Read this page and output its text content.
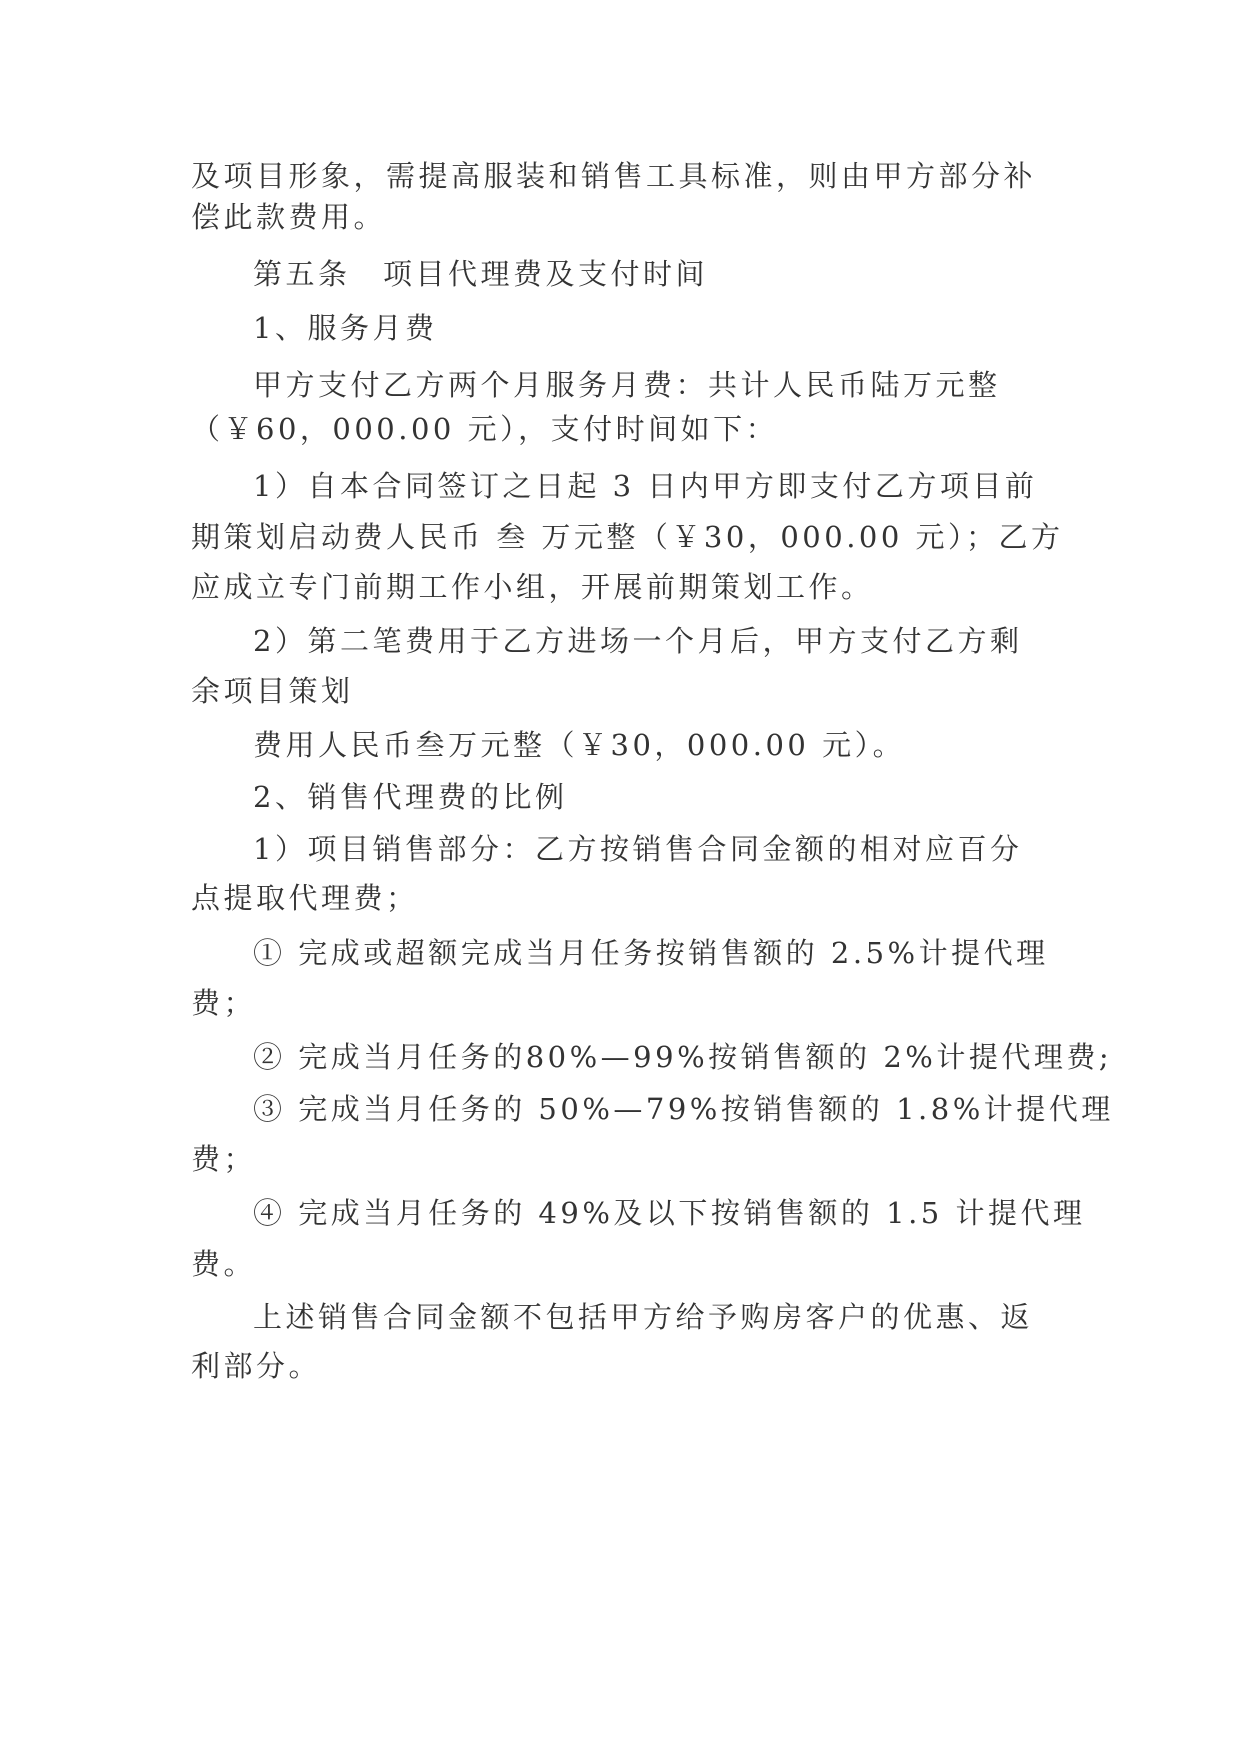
及项目形象，需提高服装和销售工具标准，则由甲方部分补
偿此款费用。
第五条　项目代理费及支付时间
1、服务月费
甲方支付乙方两个月服务月费：共计人民币陆万元整
（￥60，000.00 元），支付时间如下：
1）自本合同签订之日起 3 日内甲方即支付乙方项目前
期策划启动费人民币 叁 万元整（￥30，000.00 元）；乙方
应成立专门前期工作小组，开展前期策划工作。
2）第二笔费用于乙方进场一个月后，甲方支付乙方剩
余项目策划
费用人民币叁万元整（￥30，000.00 元）。
2、销售代理费的比例
1）项目销售部分：乙方按销售合同金额的相对应百分
点提取代理费；
① 完成或超额完成当月任务按销售额的 2.5%计提代理
费；
② 完成当月任务的80%—99%按销售额的 2%计提代理费;
③ 完成当月任务的 50%—79%按销售额的 1.8%计提代理
费；
④ 完成当月任务的 49%及以下按销售额的 1.5 计提代理
费。
上述销售合同金额不包括甲方给予购房客户的优惠、返
利部分。
